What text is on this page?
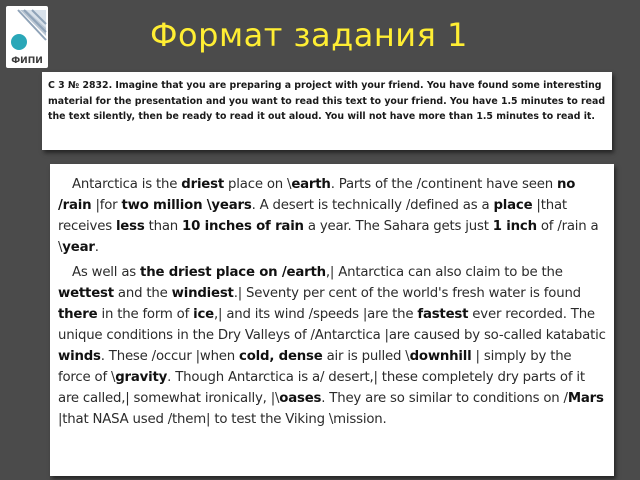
ФИПИ
Формат задания 1
C 3 № 2832. Imagine that you are preparing a project with your friend. You have found some interesting material for the presentation and you want to read this text to your friend. You have 1.5 minutes to read the text silently, then be ready to read it out aloud. You will not have more than 1.5 minutes to read it.

Antarctica is the driest place on \earth. Parts of the /continent have seen no /rain |for two million \years. A desert is technically /defined as a place |that receives less than 10 inches of rain a year. The Sahara gets just 1 inch of /rain a \year.

As well as the driest place on /earth,| Antarctica can also claim to be the wettest and the windiest.| Seventy per cent of the world's fresh water is found there in the form of ice,| and its wind /speeds |are the fastest ever recorded. The unique conditions in the Dry Valleys of /Antarctica |are caused by so-called katabatic winds. These /occur |when cold, dense air is pulled \downhill | simply by the force of \gravity. Though Antarctica is a/ desert,| these completely dry parts of it are called,| somewhat ironically, |\oases. They are so similar to conditions on /Mars |that NASA used /them| to test the Viking \mission.
